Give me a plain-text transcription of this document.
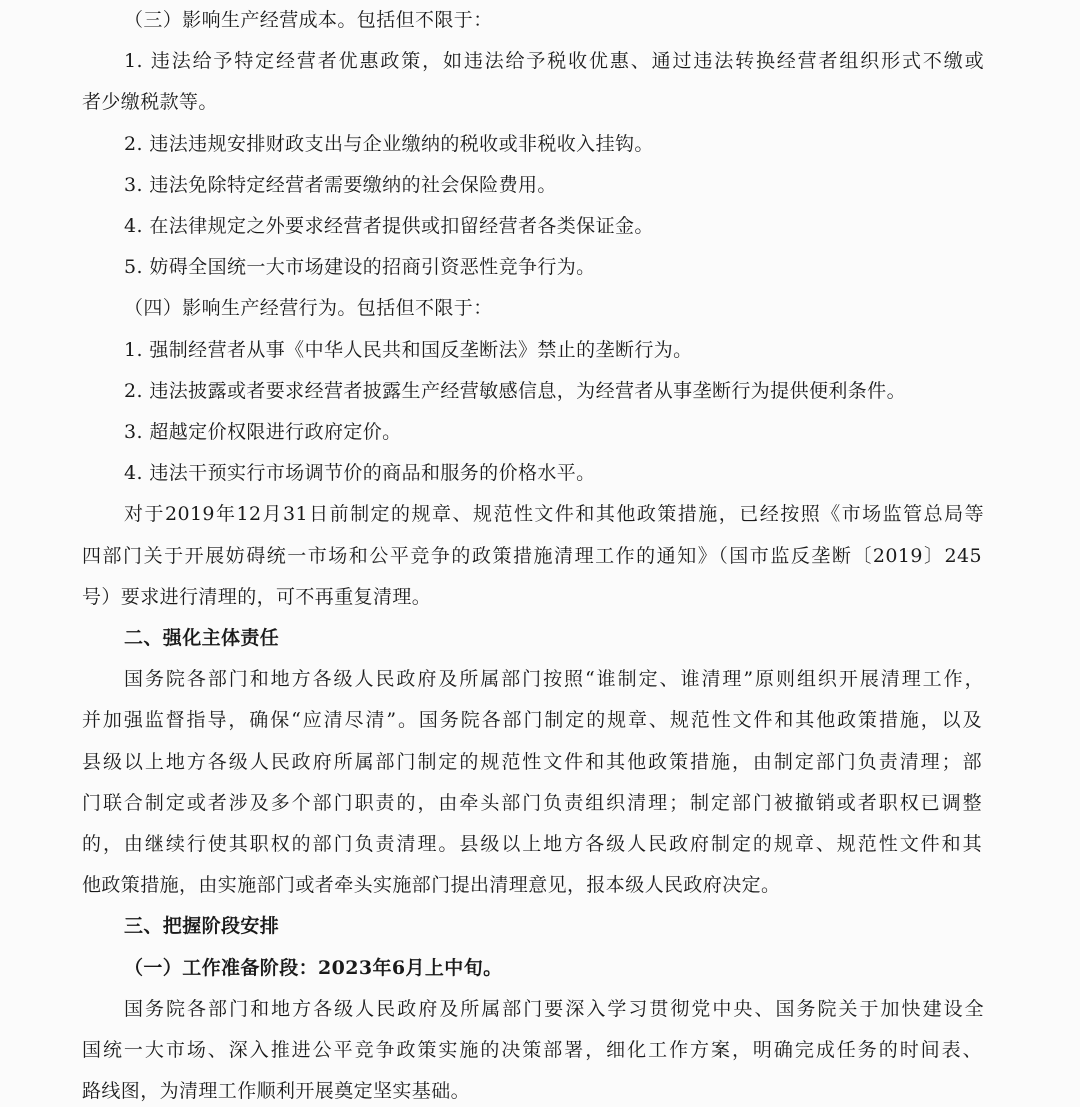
（三）影响生产经营成本。包括但不限于：
1. 违法给予特定经营者优惠政策，如违法给予税收优惠、通过违法转换经营者组织形式不缴或
者少缴税款等。
2. 违法违规安排财政支出与企业缴纳的税收或非税收入挂钩。
3. 违法免除特定经营者需要缴纳的社会保险费用。
4. 在法律规定之外要求经营者提供或扣留经营者各类保证金。
5. 妨碍全国统一大市场建设的招商引资恶性竞争行为。
（四）影响生产经营行为。包括但不限于：
1. 强制经营者从事《中华人民共和国反垄断法》禁止的垄断行为。
2. 违法披露或者要求经营者披露生产经营敏感信息，为经营者从事垄断行为提供便利条件。
3. 超越定价权限进行政府定价。
4. 违法干预实行市场调节价的商品和服务的价格水平。
对于2019年12月31日前制定的规章、规范性文件和其他政策措施，已经按照《市场监管总局等
四部门关于开展妨碍统一市场和公平竞争的政策措施清理工作的通知》（国市监反垄断〔2019〕245
号）要求进行清理的，可不再重复清理。
二、强化主体责任
国务院各部门和地方各级人民政府及所属部门按照“谁制定、谁清理”原则组织开展清理工作，
并加强监督指导，确保“应清尽清”。国务院各部门制定的规章、规范性文件和其他政策措施，以及
县级以上地方各级人民政府所属部门制定的规范性文件和其他政策措施，由制定部门负责清理；部
门联合制定或者涉及多个部门职责的，由牵头部门负责组织清理；制定部门被撤销或者职权已调整
的，由继续行使其职权的部门负责清理。县级以上地方各级人民政府制定的规章、规范性文件和其
他政策措施，由实施部门或者牵头实施部门提出清理意见，报本级人民政府决定。
三、把握阶段安排
（一）工作准备阶段：2023年6月上中旬。
国务院各部门和地方各级人民政府及所属部门要深入学习贯彻党中央、国务院关于加快建设全
国统一大市场、深入推进公平竞争政策实施的决策部署，细化工作方案，明确完成任务的时间表、
路线图，为清理工作顺利开展奠定坚实基础。
